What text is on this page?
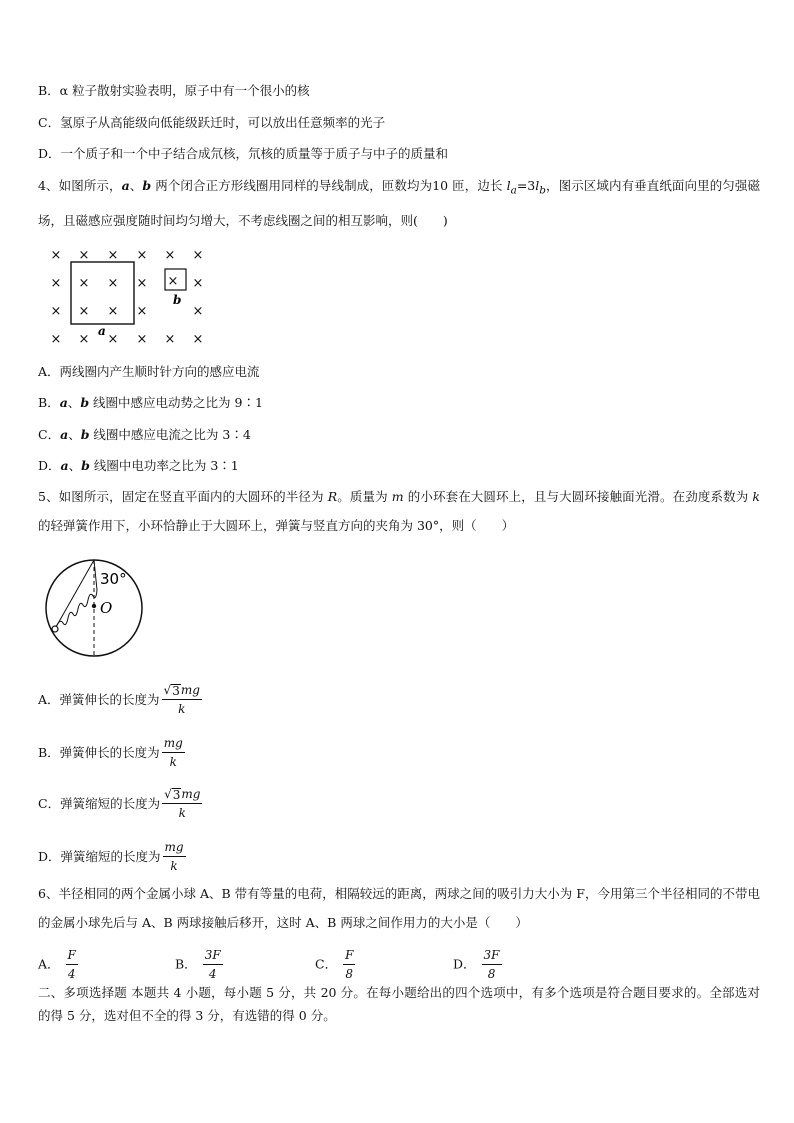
B．α 粒子散射实验表明，原子中有一个很小的核
C．氢原子从高能级向低能级跃迁时，可以放出任意频率的光子
D．一个质子和一个中子结合成氘核，氘核的质量等于质子与中子的质量和
4、如图所示，a、b 两个闭合正方形线圈用同样的导线制成，匝数均为10 匝，边长 $l_a=3l_b$，图示区域内有垂直纸面向里的匀强磁场，且磁感应强度随时间均匀增大，不考虑线圈之间的相互影响，则(　　)
× × × × × ×
× × × ×	×
× × × ×	×
× × × × × ×
×
a
b
A．两线圈内产生顺时针方向的感应电流
B．a、b 线圈中感应电动势之比为 9∶1
C．a、b 线圈中感应电流之比为 3∶4
D．a、b 线圈中电功率之比为 3∶1
5、如图所示，固定在竖直平面内的大圆环的半径为 R。质量为 m 的小环套在大圆环上，且与大圆环接触面光滑。在劲度系数为 k 的轻弹簧作用下，小环恰静止于大圆环上，弹簧与竖直方向的夹角为 30°，则（　　）
30°
O
A．弹簧伸长的长度为 $\frac{√ 3 mg}{k}$
B．弹簧伸长的长度为 $\frac{mg}{k}$
C．弹簧缩短的长度为 $\frac{√ 3 mg}{k}$
D．弹簧缩短的长度为 $\frac{mg}{k}$
6、半径相同的两个金属小球 A、B 带有等量的电荷，相隔较远的距离，两球之间的吸引力大小为 F，今用第三个半径相同的不带电的金属小球先后与 A、B 两球接触后移开，这时 A、B 两球之间作用力的大小是（　　）
A． $\frac{F}{4}$	B． $\frac{3F}{4}$	C． $\frac{F}{8}$	D． $\frac{3F}{8}$
二、多项选择题 本题共 4 小题，每小题 5 分，共 20 分。在每小题给出的四个选项中，有多个选项是符合题目要求的。全部选对的得 5 分，选对但不全的得 3 分，有选错的得 0 分。
